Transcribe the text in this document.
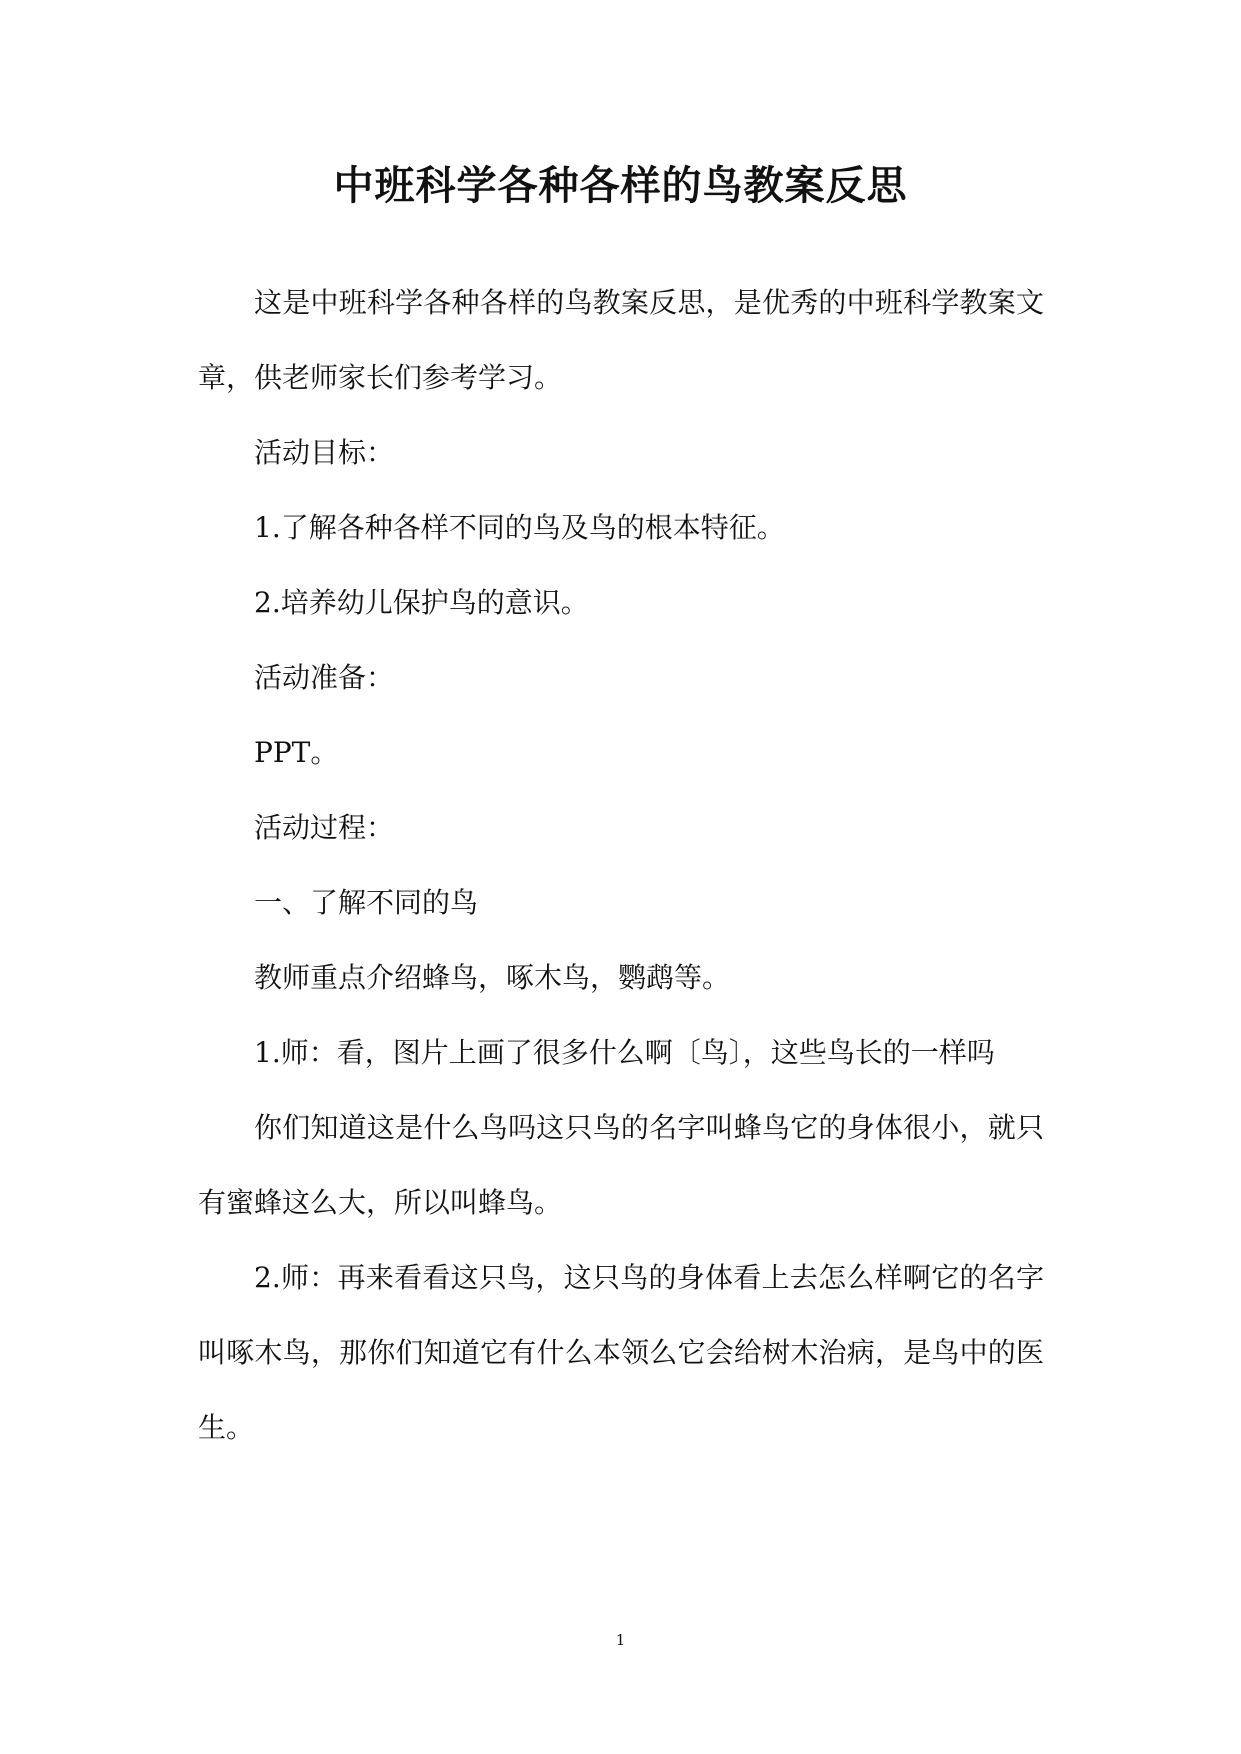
中班科学各种各样的鸟教案反思

这是中班科学各种各样的鸟教案反思，是优秀的中班科学教案文章，供老师家长们参考学习。

活动目标：

1.了解各种各样不同的鸟及鸟的根本特征。

2.培养幼儿保护鸟的意识。

活动准备：

PPT。

活动过程：

一、了解不同的鸟

教师重点介绍蜂鸟，啄木鸟，鹦鹉等。

1.师：看，图片上画了很多什么啊〔鸟〕，这些鸟长的一样吗

你们知道这是什么鸟吗这只鸟的名字叫蜂鸟它的身体很小，就只有蜜蜂这么大，所以叫蜂鸟。

2.师：再来看看这只鸟，这只鸟的身体看上去怎么样啊它的名字叫啄木鸟，那你们知道它有什么本领么它会给树木治病，是鸟中的医生。

1
